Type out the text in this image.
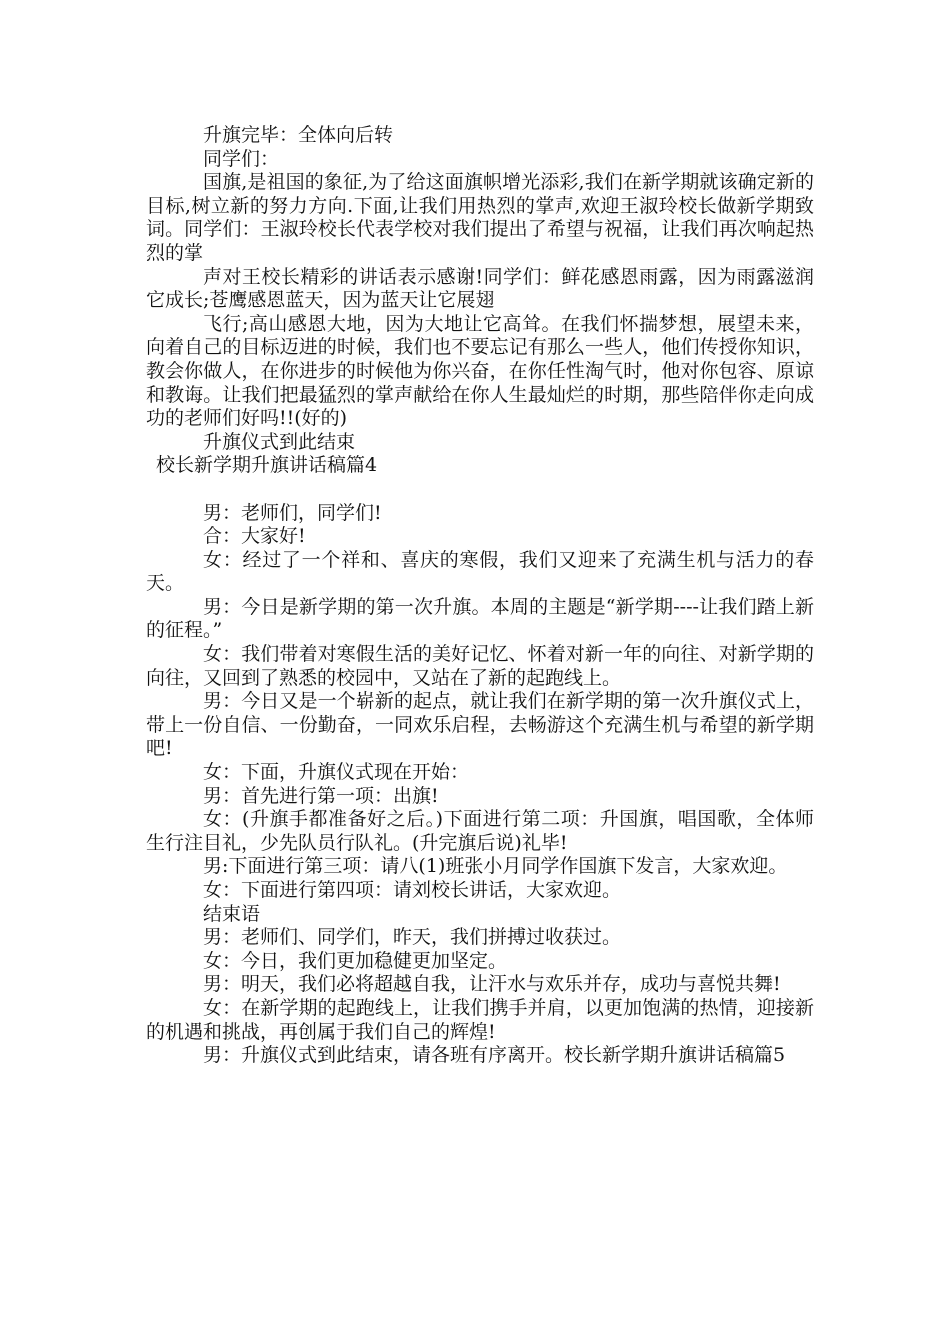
升旗完毕：全体向后转

同学们：

国旗,是祖国的象征,为了给这面旗帜增光添彩,我们在新学期就该确定新的目标,树立新的努力方向.下面,让我们用热烈的掌声,欢迎王淑玲校长做新学期致词。同学们：王淑玲校长代表学校对我们提出了希望与祝福，让我们再次响起热烈的掌

声对王校长精彩的讲话表示感谢!同学们：鲜花感恩雨露，因为雨露滋润它成长;苍鹰感恩蓝天，因为蓝天让它展翅

飞行;高山感恩大地，因为大地让它高耸。在我们怀揣梦想，展望未来，向着自己的目标迈进的时候，我们也不要忘记有那么一些人，他们传授你知识，教会你做人，在你进步的时候他为你兴奋，在你任性淘气时，他对你包容、原谅和教诲。让我们把最猛烈的掌声献给在你人生最灿烂的时期，那些陪伴你走向成功的老师们好吗!!(好的)

升旗仪式到此结束

校长新学期升旗讲话稿篇4

男：老师们，同学们!

合：大家好!

女：经过了一个祥和、喜庆的寒假，我们又迎来了充满生机与活力的春天。

男：今日是新学期的第一次升旗。本周的主题是“新学期----让我们踏上新的征程。”

女：我们带着对寒假生活的美好记忆、怀着对新一年的向往、对新学期的向往，又回到了熟悉的校园中，又站在了新的起跑线上。

男：今日又是一个崭新的起点，就让我们在新学期的第一次升旗仪式上，带上一份自信、一份勤奋，一同欢乐启程，去畅游这个充满生机与希望的新学期吧!

女：下面，升旗仪式现在开始：

男：首先进行第一项：出旗!

女：(升旗手都准备好之后。)下面进行第二项：升国旗，唱国歌，全体师生行注目礼，少先队员行队礼。(升完旗后说)礼毕!

男:下面进行第三项：请八(1)班张小月同学作国旗下发言，大家欢迎。

女：下面进行第四项：请刘校长讲话，大家欢迎。

结束语

男：老师们、同学们，昨天，我们拼搏过收获过。

女：今日，我们更加稳健更加坚定。

男：明天，我们必将超越自我，让汗水与欢乐并存，成功与喜悦共舞!

女：在新学期的起跑线上，让我们携手并肩，以更加饱满的热情，迎接新的机遇和挑战，再创属于我们自己的辉煌!

男：升旗仪式到此结束，请各班有序离开。校长新学期升旗讲话稿篇5
